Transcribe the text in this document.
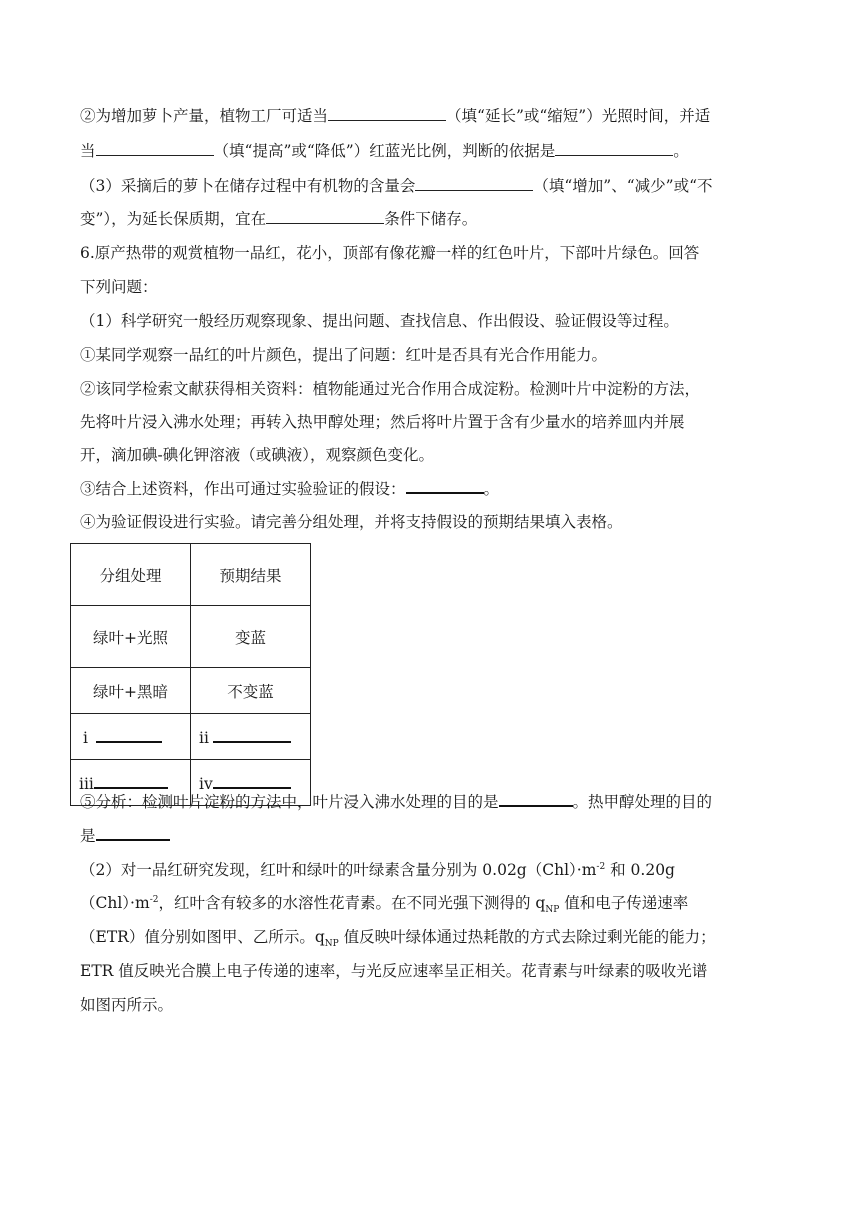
②为增加萝卜产量，植物工厂可适当	（填“延长”或“缩短”）光照时间，并适
当	（填“提高”或“降低”）红蓝光比例，判断的依据是	。
（3）采摘后的萝卜在储存过程中有机物的含量会	（填“增加”、“减少”或“不
变”），为延长保质期，宜在	条件下储存。
6.原产热带的观赏植物一品红，花小，顶部有像花瓣一样的红色叶片，下部叶片绿色。回答
下列问题：
（1）科学研究一般经历观察现象、提出问题、查找信息、作出假设、验证假设等过程。
①某同学观察一品红的叶片颜色，提出了问题：红叶是否具有光合作用能力。
②该同学检索文献获得相关资料：植物能通过光合作用合成淀粉。检测叶片中淀粉的方法，
先将叶片浸入沸水处理；再转入热甲醇处理；然后将叶片置于含有少量水的培养皿内并展
开，滴加碘-碘化钾溶液（或碘液），观察颜色变化。
③结合上述资料，作出可通过实验验证的假设：	。
④为验证假设进行实验。请完善分组处理，并将支持假设的预期结果填入表格。
分组处理	预期结果
绿叶+光照	变蓝
绿叶+黑暗	不变蓝
i	ii
iii	iv
⑤分析：检测叶片淀粉的方法中，叶片浸入沸水处理的目的是	。热甲醇处理的目的
是
（2）对一品红研究发现，红叶和绿叶的叶绿素含量分别为 $0.02g(Chl)\cdot m^{-2}$ 和 0.20g
$(Chl)\cdot m^{-2}$，红叶含有较多的水溶性花青素。在不同光强下测得的 $q_{NP}$ 值和电子传递速率
（ETR）值分别如图甲、乙所示。$q_{NP}$ 值反映叶绿体通过热耗散的方式去除过剩光能的能力；
ETR 值反映光合膜上电子传递的速率，与光反应速率呈正相关。花青素与叶绿素的吸收光谱
如图丙所示。
